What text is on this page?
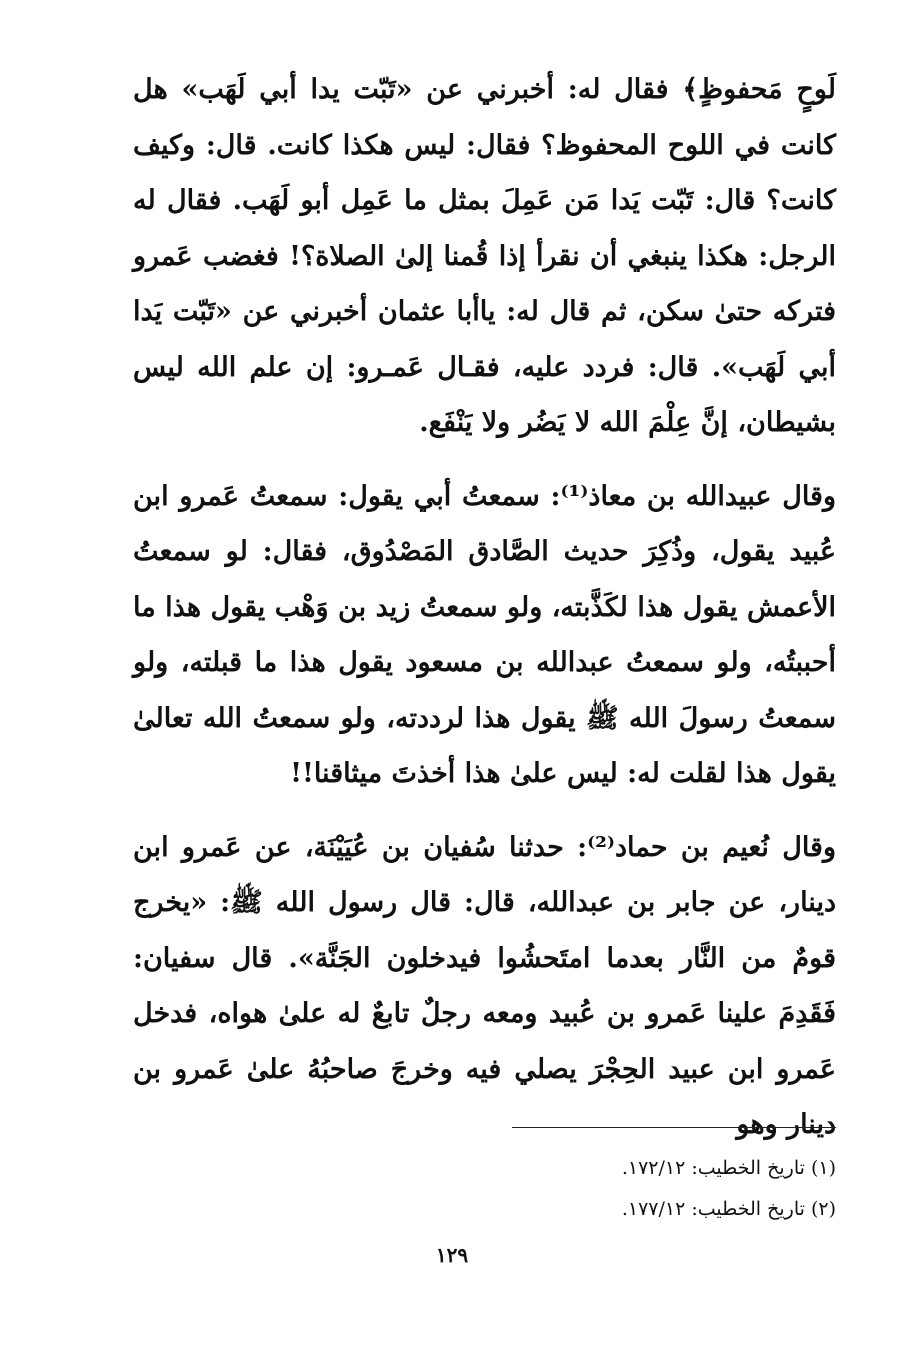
لَوحٍ مَحفوظٍ﴾ فقال له: أخبرني عن «تَبّت يدا أبي لَهَب» هل كانت في اللوح المحفوظ؟ فقال: ليس هكذا كانت. قال: وكيف كانت؟ قال: تَبّت يَدا مَن عَمِلَ بمثل ما عَمِل أبو لَهَب. فقال له الرجل: هكذا ينبغي أن نقرأ إذا قُمنا إلىٰ الصلاة؟! فغضب عَمرو فتركه حتىٰ سكن، ثم قال له: ياأبا عثمان أخبرني عن «تَبّت يَدا أبي لَهَب». قال: فردد عليه، فقـال عَمـرو: إن علم الله ليس بشيطان، إنَّ عِلْمَ الله لا يَضُر ولا يَنْفَع.

وقال عبيدالله بن معاذ⁽¹⁾: سمعتُ أبي يقول: سمعتُ عَمرو ابن عُبيد يقول، وذُكِرَ حديث الصَّادق المَصْدُوق، فقال: لو سمعتُ الأعمش يقول هذا لكَذَّبته، ولو سمعتُ زيد بن وَهْب يقول هذا ما أحببتُه، ولو سمعتُ عبدالله بن مسعود يقول هذا ما قبلته، ولو سمعتُ رسولَ الله ﷺ يقول هذا لرددته، ولو سمعتُ الله تعالىٰ يقول هذا لقلت له: ليس علىٰ هذا أخذتَ ميثاقنا!!

وقال نُعيم بن حماد⁽²⁾: حدثنا سُفيان بن عُيَيْنَة، عن عَمرو ابن دينار، عن جابر بن عبدالله، قال: قال رسول الله ﷺ: «يخرج قومٌ من النَّار بعدما امتَحشُوا فيدخلون الجَنَّة». قال سفيان: فَقَدِمَ علينا عَمرو بن عُبيد ومعه رجلٌ تابعٌ له علىٰ هواه، فدخل عَمرو ابن عبيد الحِجْرَ يصلي فيه وخرجَ صاحبُهُ علىٰ عَمرو بن دينار وهو

(١) تاريخ الخطيب: ١٧٢/١٢.

(٢) تاريخ الخطيب: ١٧٧/١٢.

١٢٩
